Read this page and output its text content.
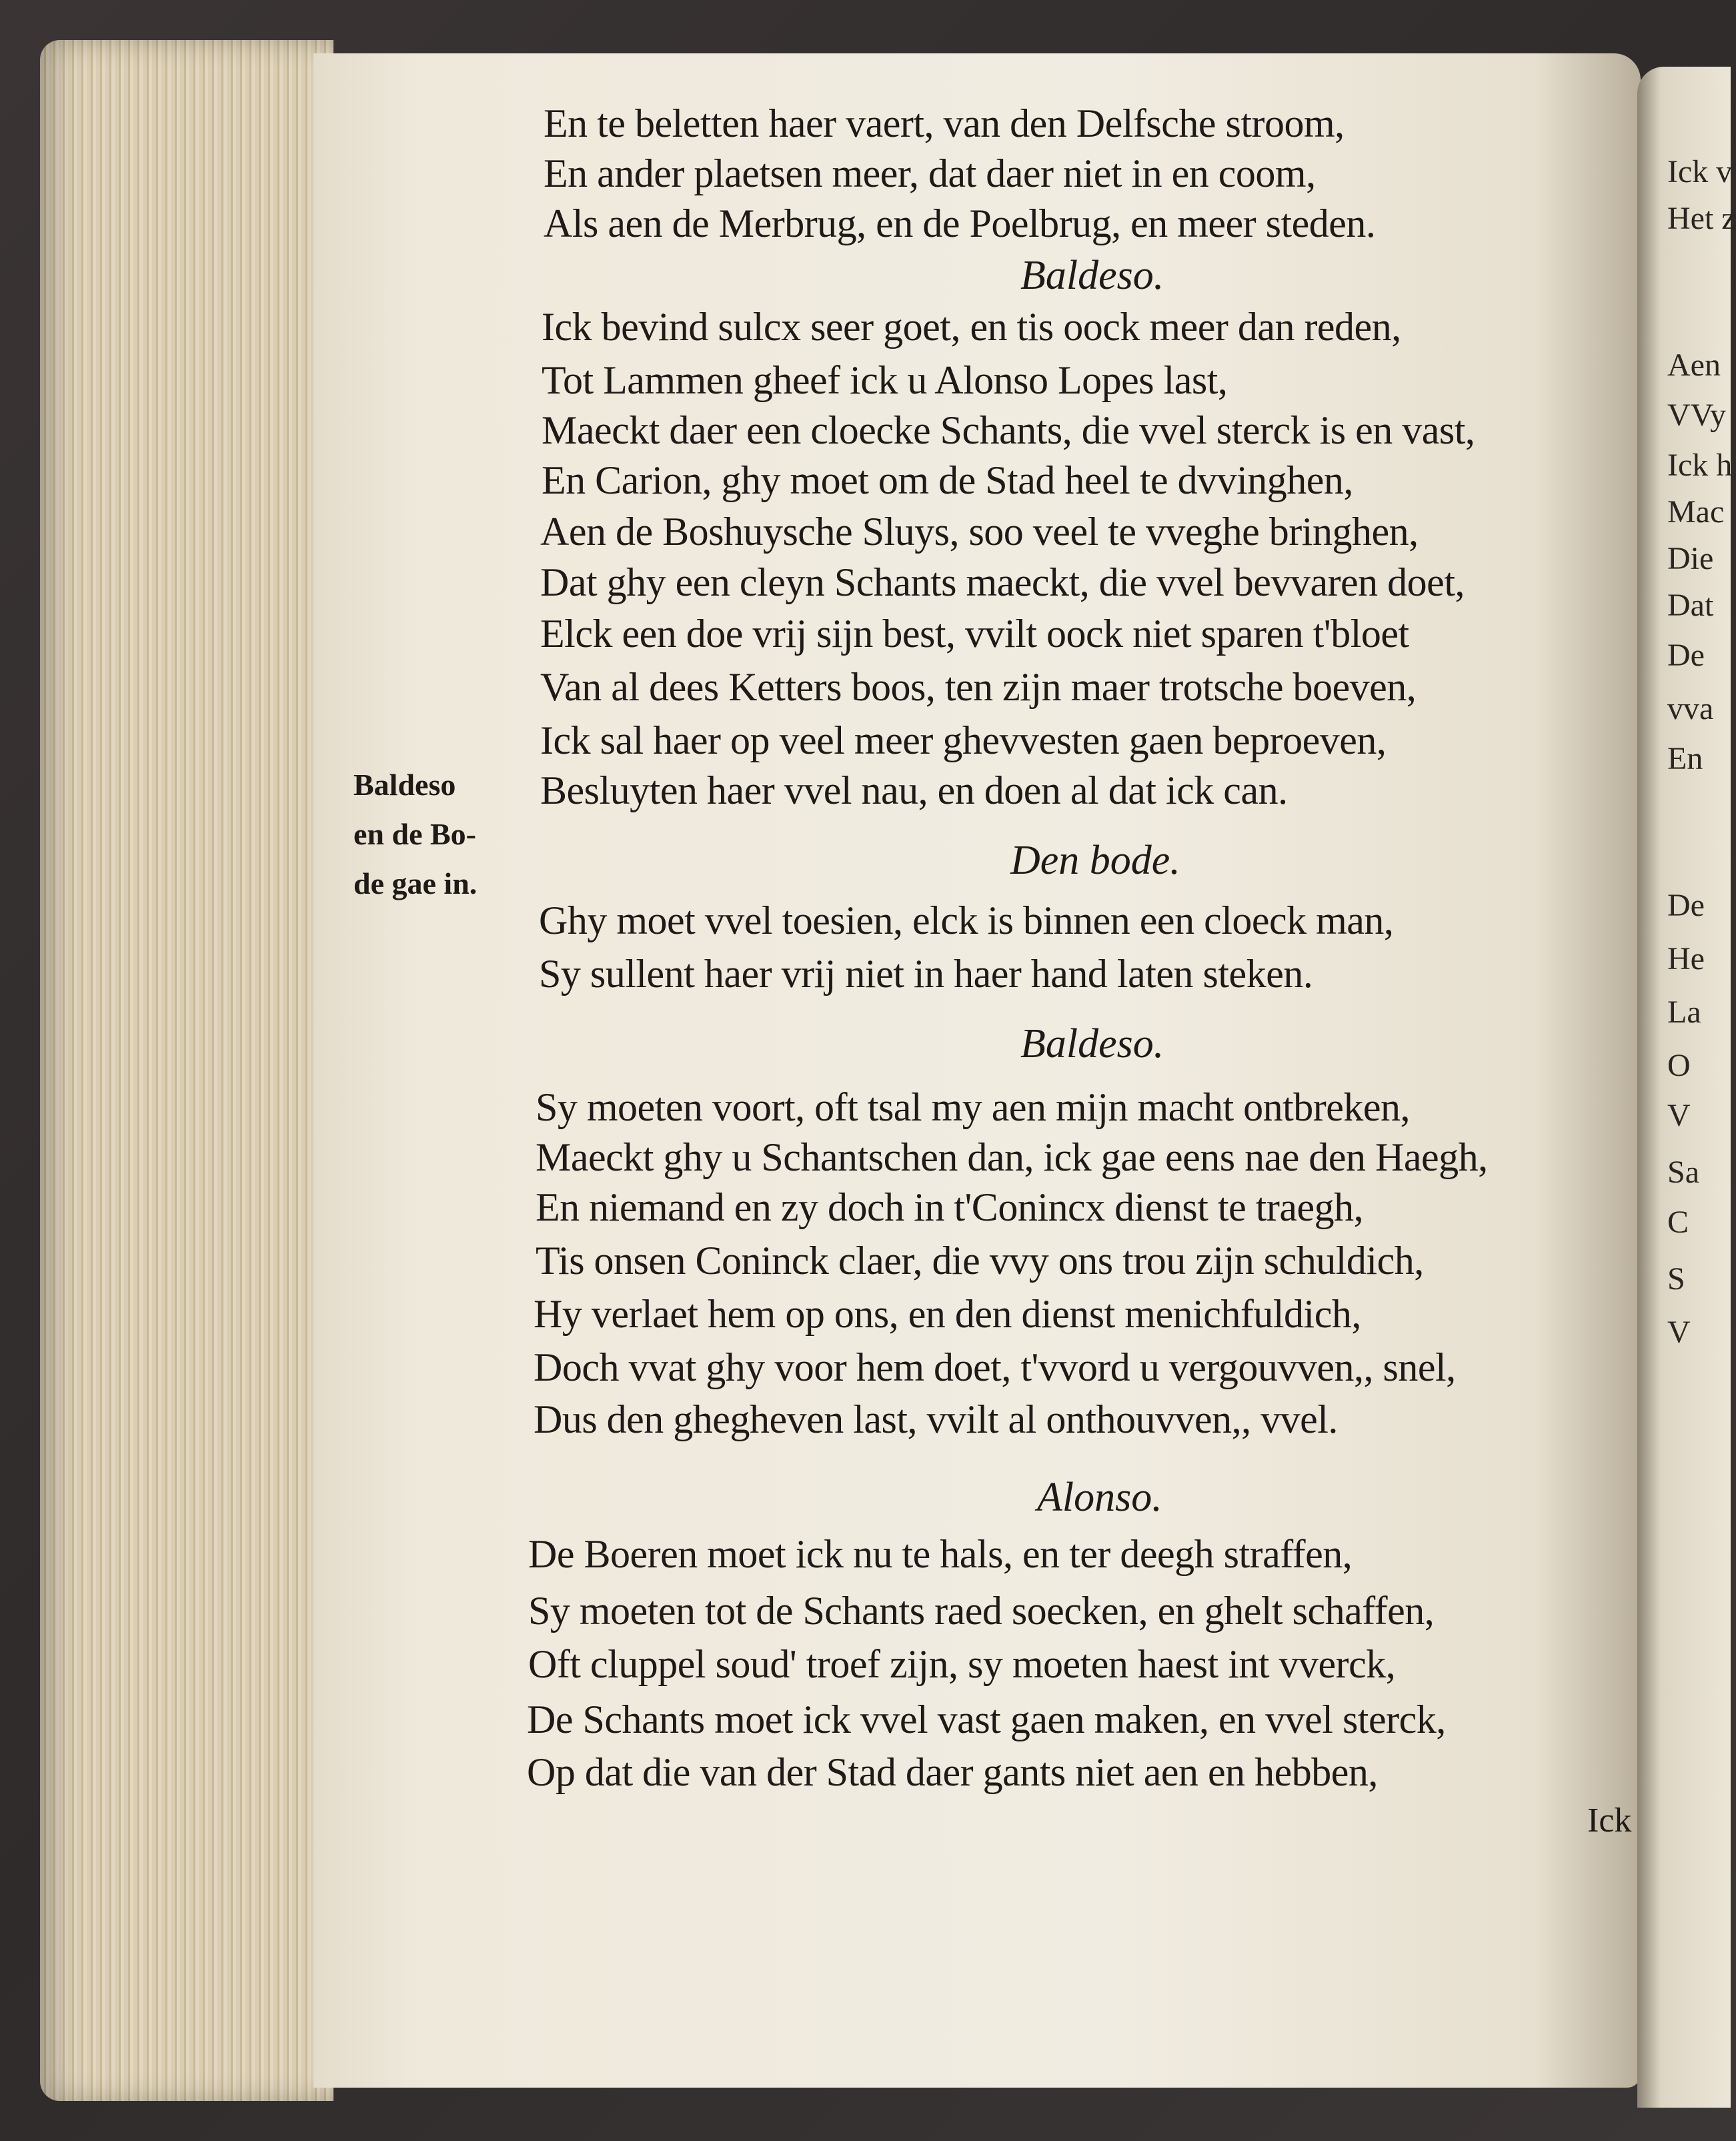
Ick v
Het z
Aen
VVy
Ick h
Mac
Die
Dat
De
vva
En
De
He
La
O
V
Sa
C
S
V
En te beletten haer vaert, van den Delfsche stroom,
En ander plaetsen meer, dat daer niet in en coom,
Als aen de Merbrug, en de Poelbrug, en meer steden.
Baldeso.
Ick bevind sulcx seer goet, en tis oock meer dan reden,
Tot Lammen gheef ick u Alonso Lopes last,
Maeckt daer een cloecke Schants, die vvel sterck is en vast,
En Carion, ghy moet om de Stad heel te dvvinghen,
Aen de Boshuysche Sluys, soo veel te vveghe bringhen,
Dat ghy een cleyn Schants maeckt, die vvel bevvaren doet,
Elck een doe vrij sijn best, vvilt oock niet sparen t'bloet
Van al dees Ketters boos, ten zijn maer trotsche boeven,
Ick sal haer op veel meer ghevvesten gaen beproeven,
Besluyten haer vvel nau, en doen al dat ick can.
Den bode.
Ghy moet vvel toesien, elck is binnen een cloeck man,
Sy sullent haer vrij niet in haer hand laten steken.
Baldeso.
Sy moeten voort, oft tsal my aen mijn macht ontbreken,
Maeckt ghy u Schantschen dan, ick gae eens nae den Haegh,
En niemand en zy doch in t'Conincx dienst te traegh,
Tis onsen Coninck claer, die vvy ons trou zijn schuldich,
Hy verlaet hem op ons, en den dienst menichfuldich,
Doch vvat ghy voor hem doet, t'vvord u vergouvven,, snel,
Dus den ghegheven last, vvilt al onthouvven,, vvel.
Alonso.
De Boeren moet ick nu te hals, en ter deegh straffen,
Sy moeten tot de Schants raed soecken, en ghelt schaffen,
Oft cluppel soud' troef zijn, sy moeten haest int vverck,
De Schants moet ick vvel vast gaen maken, en vvel sterck,
Op dat die van der Stad daer gants niet aen en hebben,
Baldeso
en de Bo-
de gae in.
Ick
